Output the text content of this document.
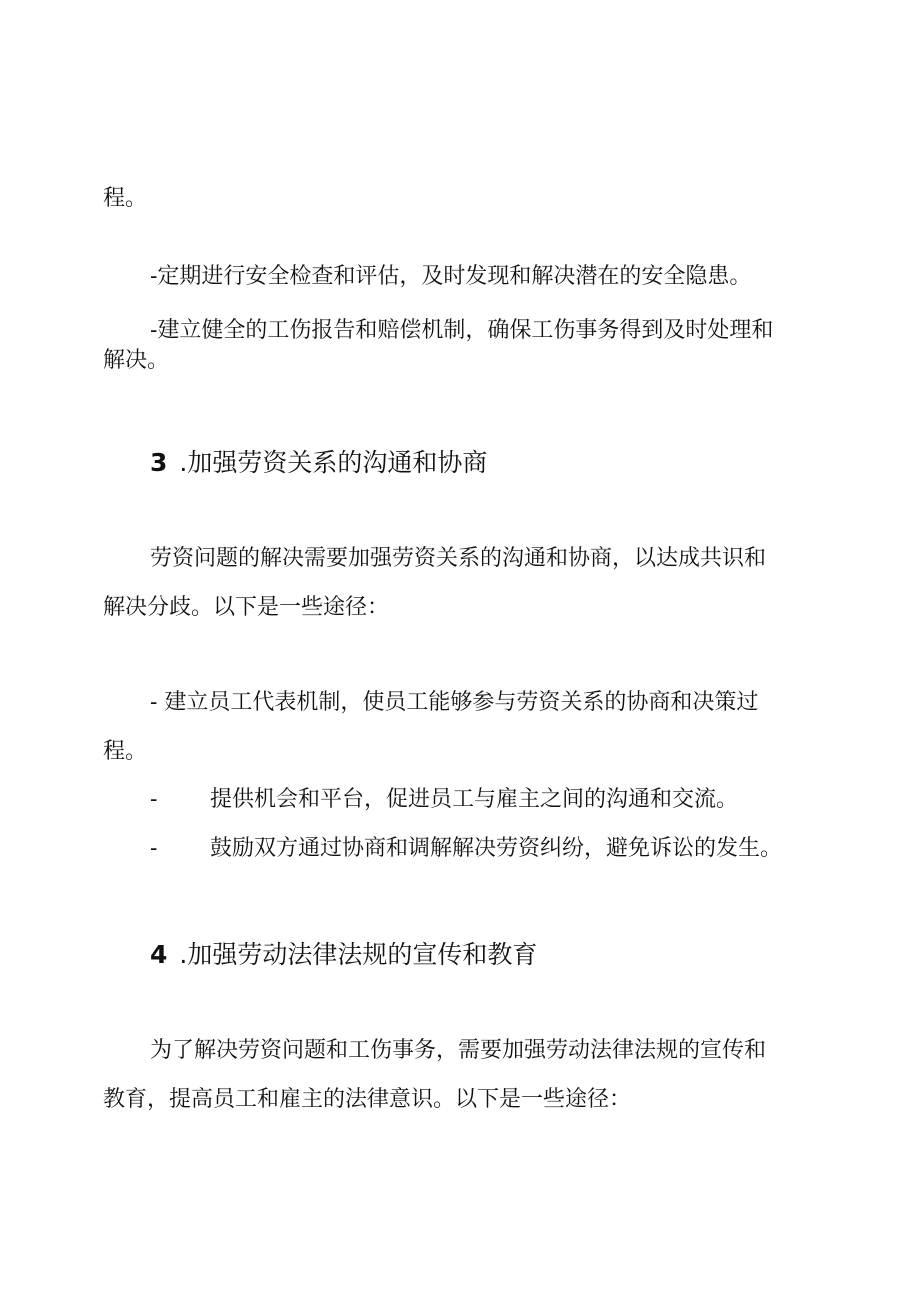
程。
-定期进行安全检查和评估，及时发现和解决潜在的安全隐患。
-建立健全的工伤报告和赔偿机制，确保工伤事务得到及时处理和
解决。
3 .加强劳资关系的沟通和协商
劳资问题的解决需要加强劳资关系的沟通和协商，以达成共识和
解决分歧。以下是一些途径：
- 建立员工代表机制，使员工能够参与劳资关系的协商和决策过
程。
- 提供机会和平台，促进员工与雇主之间的沟通和交流。
- 鼓励双方通过协商和调解解决劳资纠纷，避免诉讼的发生。
4 .加强劳动法律法规的宣传和教育
为了解决劳资问题和工伤事务，需要加强劳动法律法规的宣传和
教育，提高员工和雇主的法律意识。以下是一些途径：
